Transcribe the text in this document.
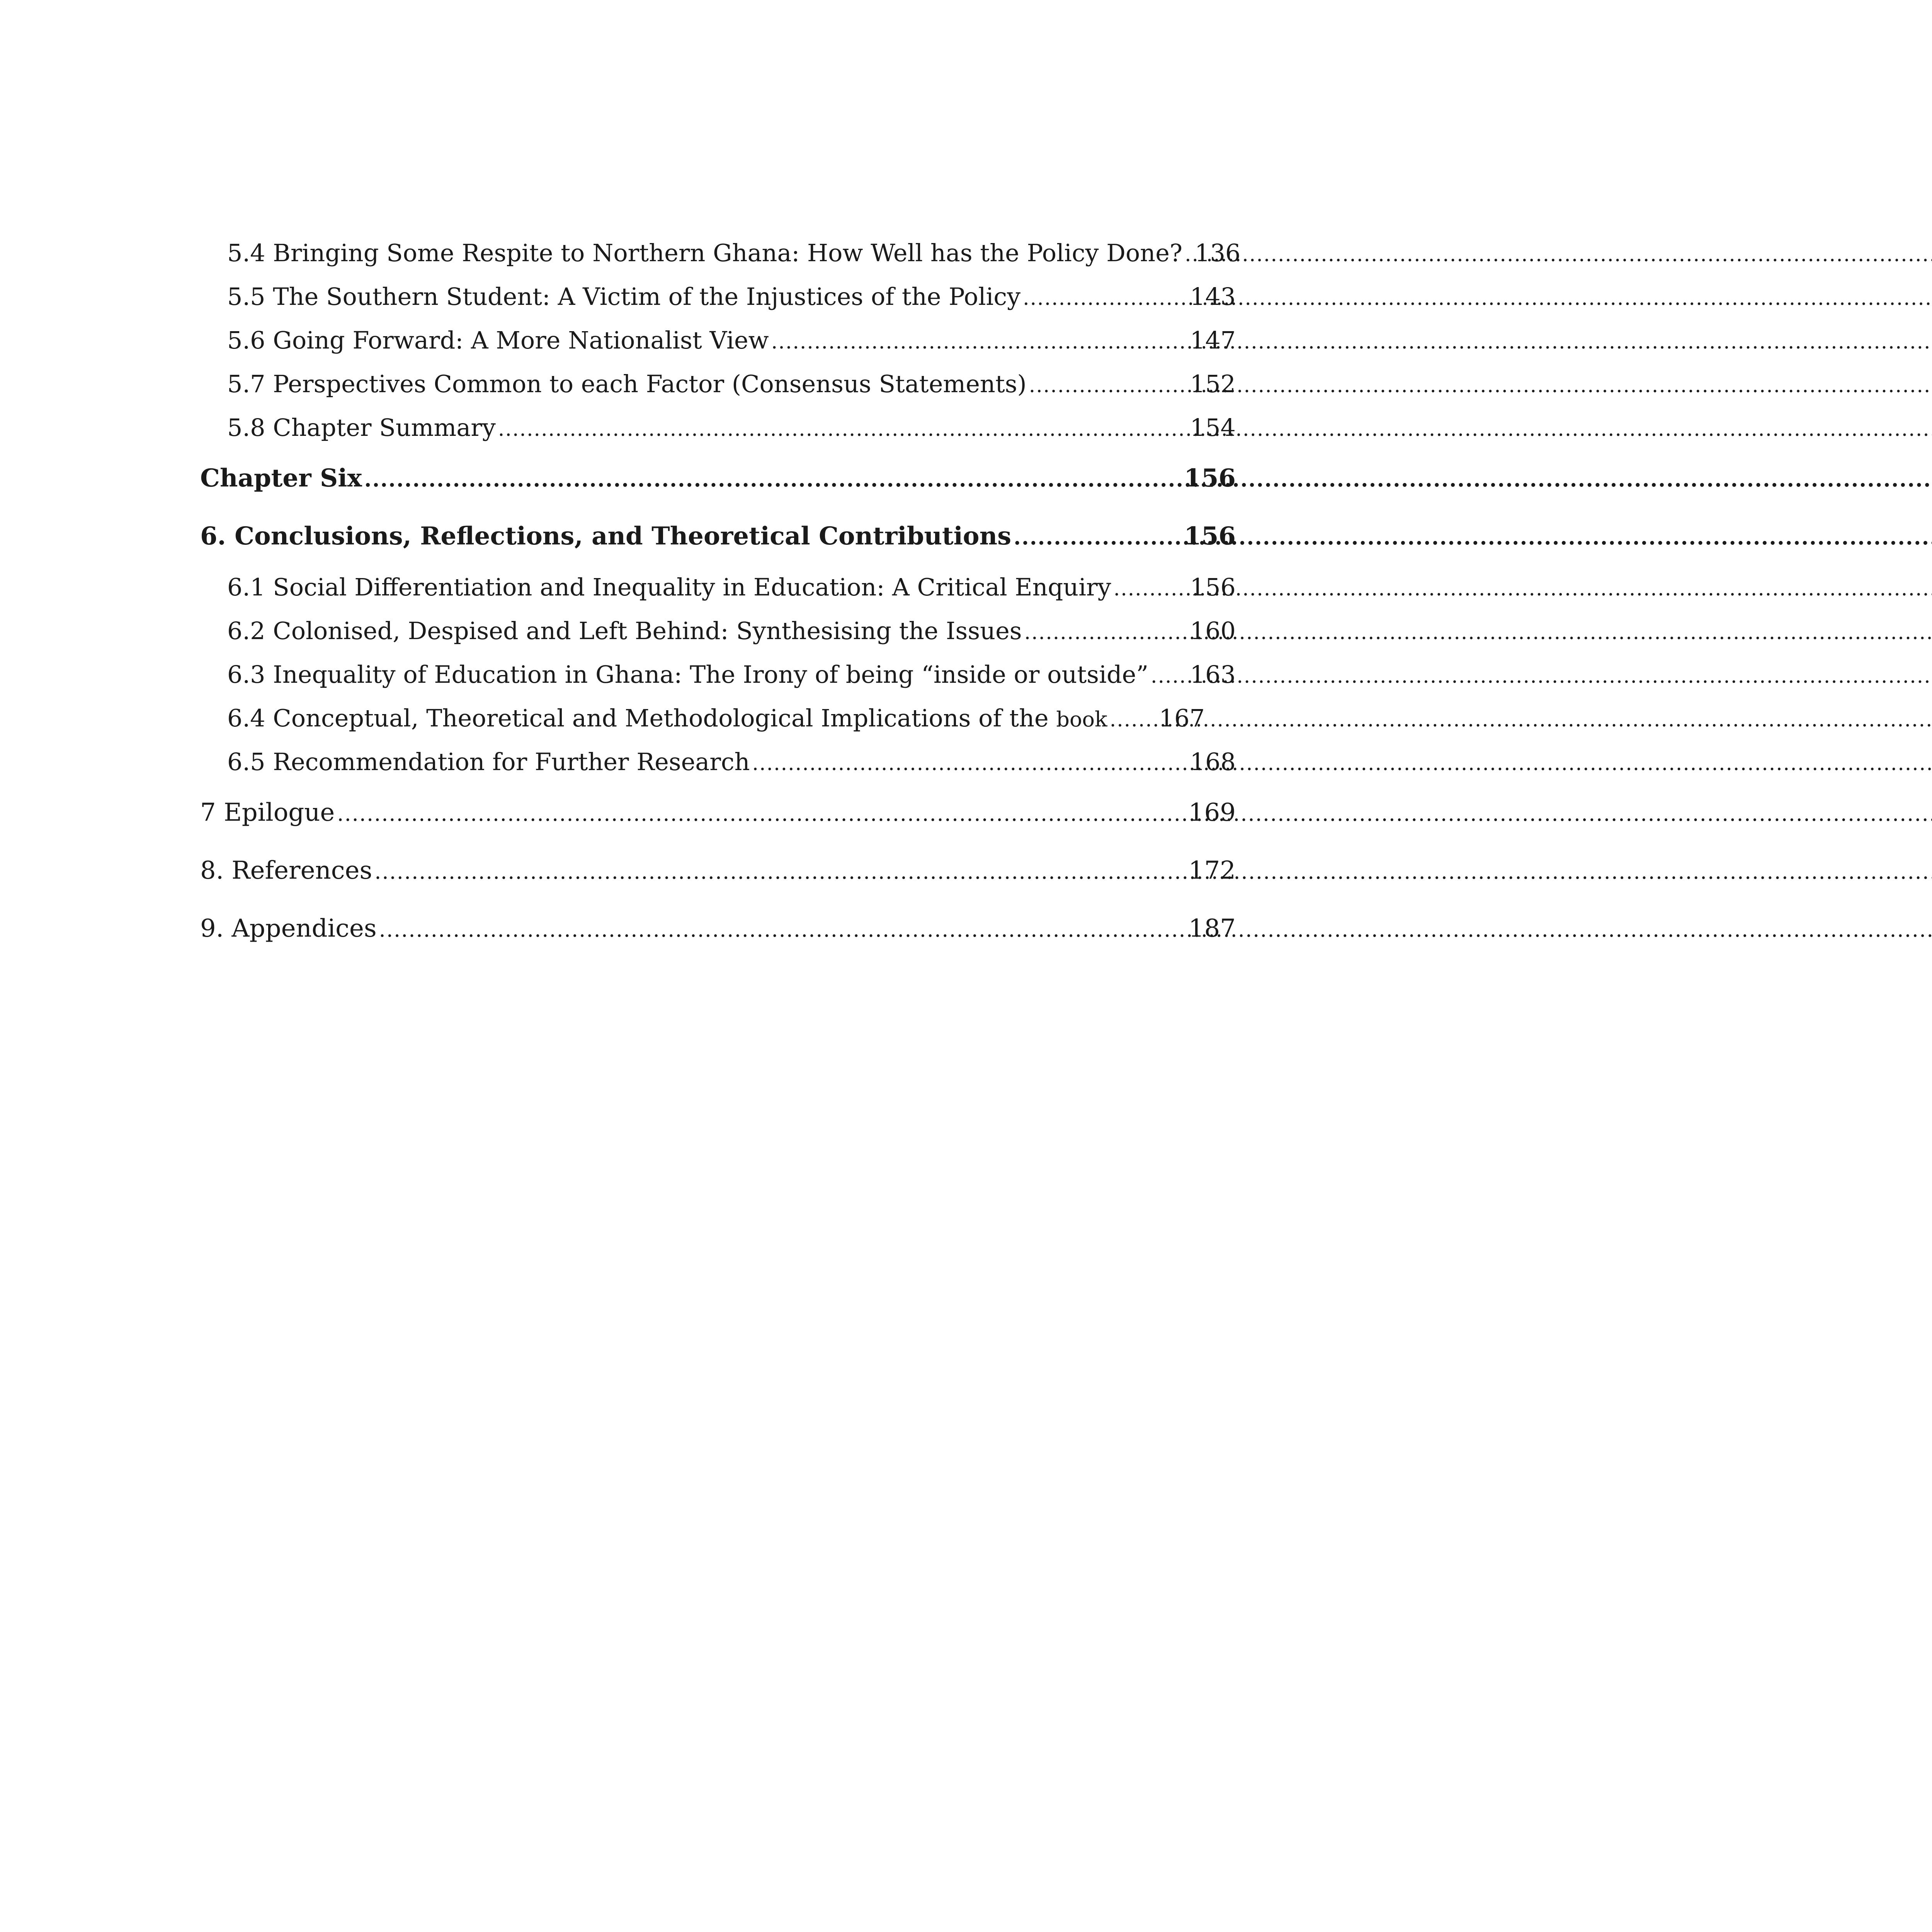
5.4 Bringing Some Respite to Northern Ghana: How Well has the Policy Done? ..... 136
5.5 The Southern Student: A Victim of the Injustices of the Policy .....	143
5.6 Going Forward: A More Nationalist View .....	147
5.7 Perspectives Common to each Factor (Consensus Statements) .....	152
5.8 Chapter Summary .....	154
Chapter Six .....	156
6. Conclusions, Reflections, and Theoretical Contributions .....	156
6.1 Social Differentiation and Inequality in Education: A Critical Enquiry .....	156
6.2 Colonised, Despised and Left Behind: Synthesising the Issues .....	160
6.3 Inequality of Education in Ghana: The Irony of being “inside or outside” ..... 163
6.4 Conceptual, Theoretical and Methodological Implications of the book ..... 167
6.5 Recommendation for Further Research .....	168
7 Epilogue .....	169
8. References .....	172
9. Appendices .....	187
